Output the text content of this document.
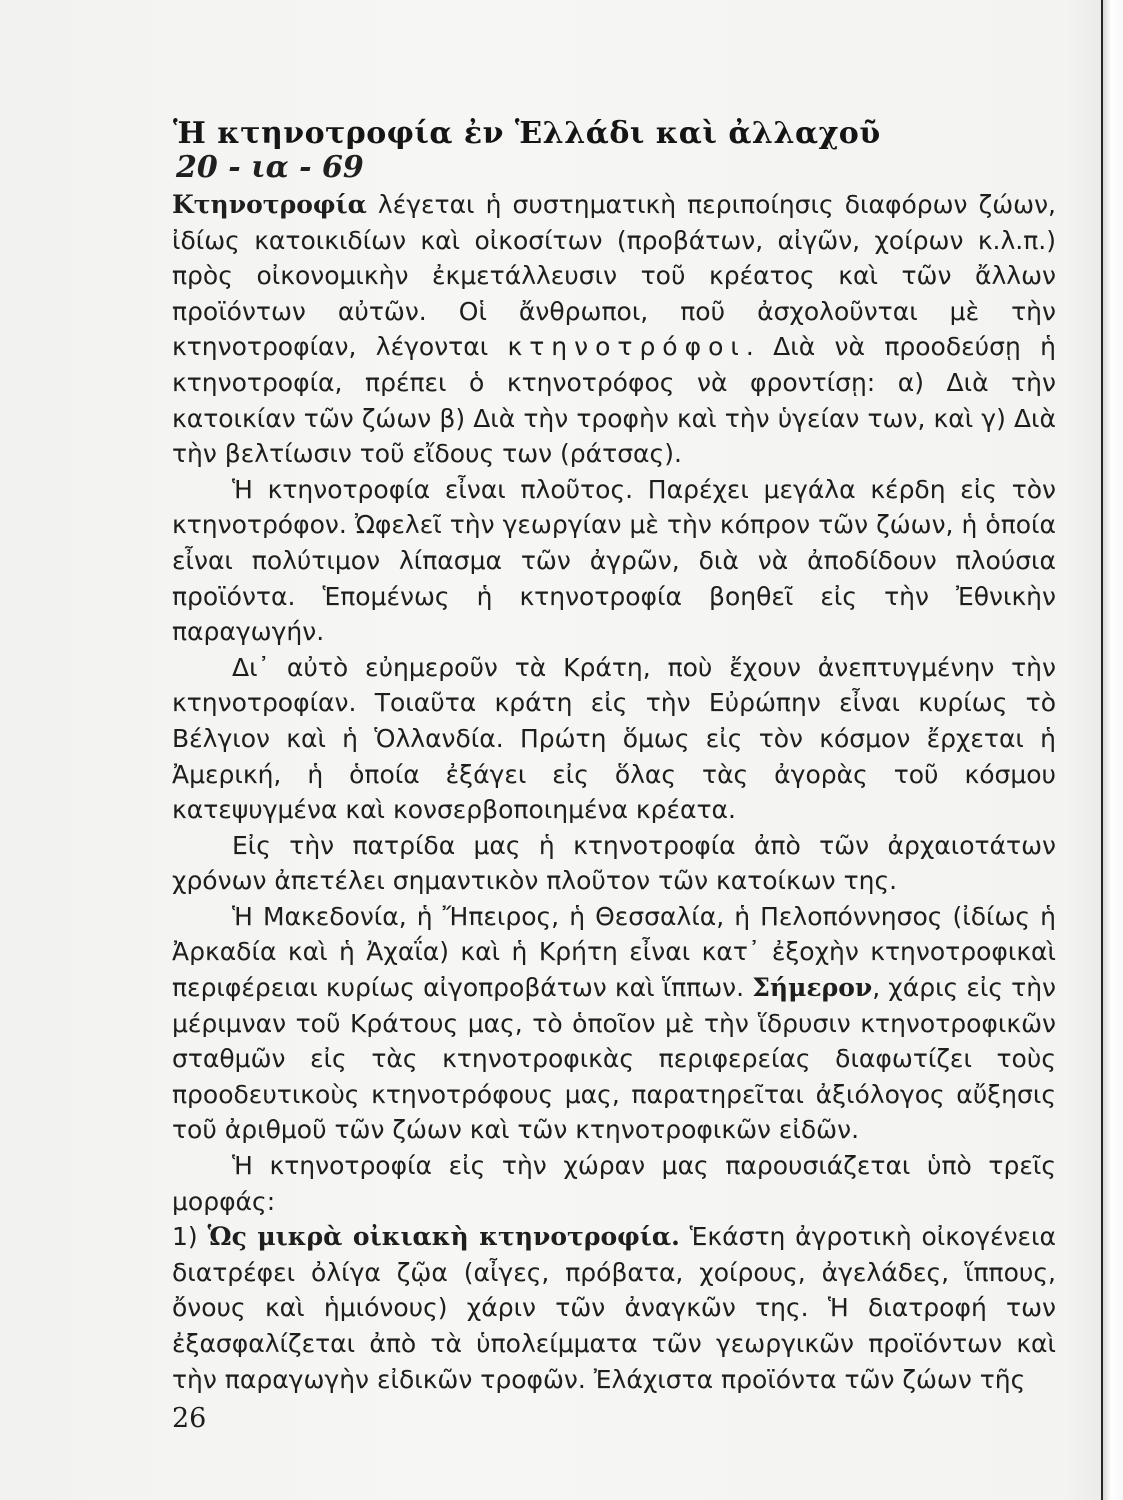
Ἡ κτηνοτροφία ἐν Ἑλλάδι καὶ ἀλλαχοῦ
20 - ια - 69

Κτηνοτροφία λέγεται ἡ συστηματικὴ περιποίησις διαφόρων ζώων, ἰδίως κατοικιδίων καὶ οἰκοσίτων (προβάτων, αἰγῶν, χοίρων κ.λ.π.) πρὸς οἰκονομικὴν ἐκμετάλλευσιν τοῦ κρέατος καὶ τῶν ἄλλων προϊόντων αὐτῶν. Οἱ ἄνθρωποι, ποῦ ἀσχολοῦνται μὲ τὴν κτηνοτροφίαν, λέγονται κτηνοτρόφοι. Διὰ νὰ προοδεύσῃ ἡ κτηνοτροφία, πρέπει ὁ κτηνοτρόφος νὰ φροντίσῃ: α) Διὰ τὴν κατοικίαν τῶν ζώων β) Διὰ τὴν τροφὴν καὶ τὴν ὑγείαν των, καὶ γ) Διὰ τὴν βελτίωσιν τοῦ εἴδους των (ράτσας).

Ἡ κτηνοτροφία εἶναι πλοῦτος. Παρέχει μεγάλα κέρδη εἰς τὸν κτηνοτρόφον. Ὠφελεῖ τὴν γεωργίαν μὲ τὴν κόπρον τῶν ζώων, ἡ ὁποία εἶναι πολύτιμον λίπασμα τῶν ἀγρῶν, διὰ νὰ ἀποδίδουν πλούσια προϊόντα. Ἑπομένως ἡ κτηνοτροφία βοηθεῖ εἰς τὴν Ἐθνικὴν παραγωγήν.

Δι᾽ αὐτὸ εὐημεροῦν τὰ Κράτη, ποὺ ἔχουν ἀνεπτυγμένην τὴν κτηνοτροφίαν. Τοιαῦτα κράτη εἰς τὴν Εὐρώπην εἶναι κυρίως τὸ Βέλγιον καὶ ἡ Ὁλλανδία. Πρώτη ὅμως εἰς τὸν κόσμον ἔρχεται ἡ Ἀμερική, ἡ ὁποία ἐξάγει εἰς ὅλας τὰς ἀγορὰς τοῦ κόσμου κατεψυγμένα καὶ κονσερβοποιημένα κρέατα.

Εἰς τὴν πατρίδα μας ἡ κτηνοτροφία ἀπὸ τῶν ἀρχαιοτάτων χρόνων ἀπετέλει σημαντικὸν πλοῦτον τῶν κατοίκων της.

Ἡ Μακεδονία, ἡ Ἤπειρος, ἡ Θεσσαλία, ἡ Πελοπόννησος (ἰδίως ἡ Ἀρκαδία καὶ ἡ Ἀχαΐα) καὶ ἡ Κρήτη εἶναι κατ᾽ ἐξοχὴν κτηνοτροφικαὶ περιφέρειαι κυρίως αἰγοπροβάτων καὶ ἵππων. Σήμερον, χάρις εἰς τὴν μέριμναν τοῦ Κράτους μας, τὸ ὁποῖον μὲ τὴν ἵδρυσιν κτηνοτροφικῶν σταθμῶν εἰς τὰς κτηνοτροφικὰς περιφερείας διαφωτίζει τοὺς προοδευτικοὺς κτηνοτρόφους μας, παρατηρεῖται ἀξιόλογος αὔξησις τοῦ ἀριθμοῦ τῶν ζώων καὶ τῶν κτηνοτροφικῶν εἰδῶν.

Ἡ κτηνοτροφία εἰς τὴν χώραν μας παρουσιάζεται ὑπὸ τρεῖς μορφάς:

1) Ὡς μικρὰ οἰκιακὴ κτηνοτροφία. Ἑκάστη ἀγροτικὴ οἰκογένεια διατρέφει ὀλίγα ζῷα (αἶγες, πρόβατα, χοίρους, ἀγελάδες, ἵππους, ὄνους καὶ ἡμιόνους) χάριν τῶν ἀναγκῶν της. Ἡ διατροφή των ἐξασφαλίζεται ἀπὸ τὰ ὑπολείμματα τῶν γεωργικῶν προϊόντων καὶ τὴν παραγωγὴν εἰδικῶν τροφῶν. Ἐλάχιστα προϊόντα τῶν ζώων τῆς

26
